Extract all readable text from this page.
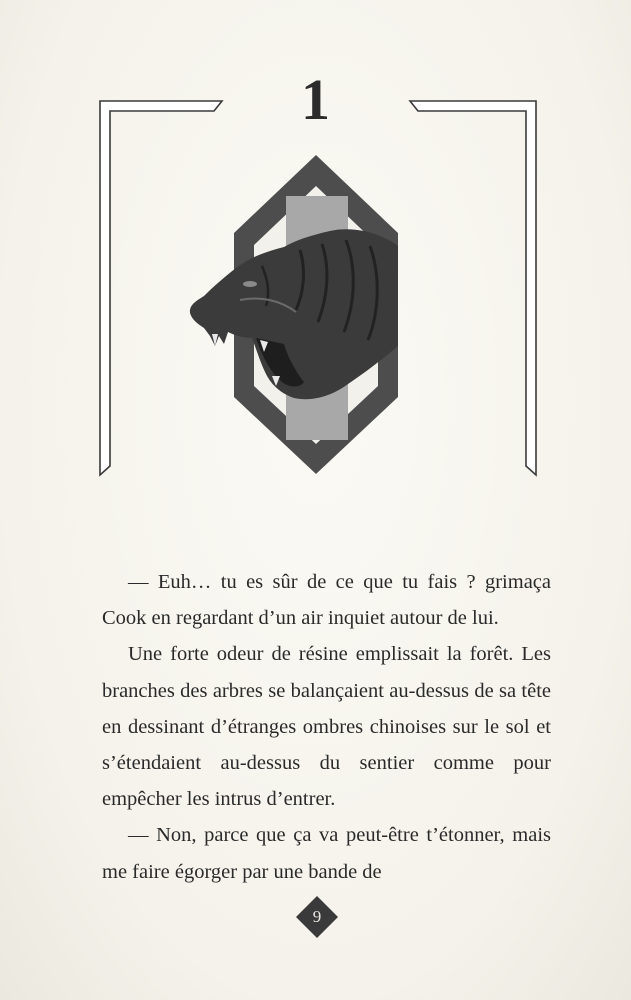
1

— Euh… tu es sûr de ce que tu fais ? grimaça Cook en regardant d’un air inquiet autour de lui.

Une forte odeur de résine emplissait la forêt. Les branches des arbres se balançaient au-dessus de sa tête en dessinant d’étranges ombres chinoises sur le sol et s’étendaient au-dessus du sentier comme pour empêcher les intrus d’entrer.

— Non, parce que ça va peut-être t’étonner, mais me faire égorger par une bande de

9
